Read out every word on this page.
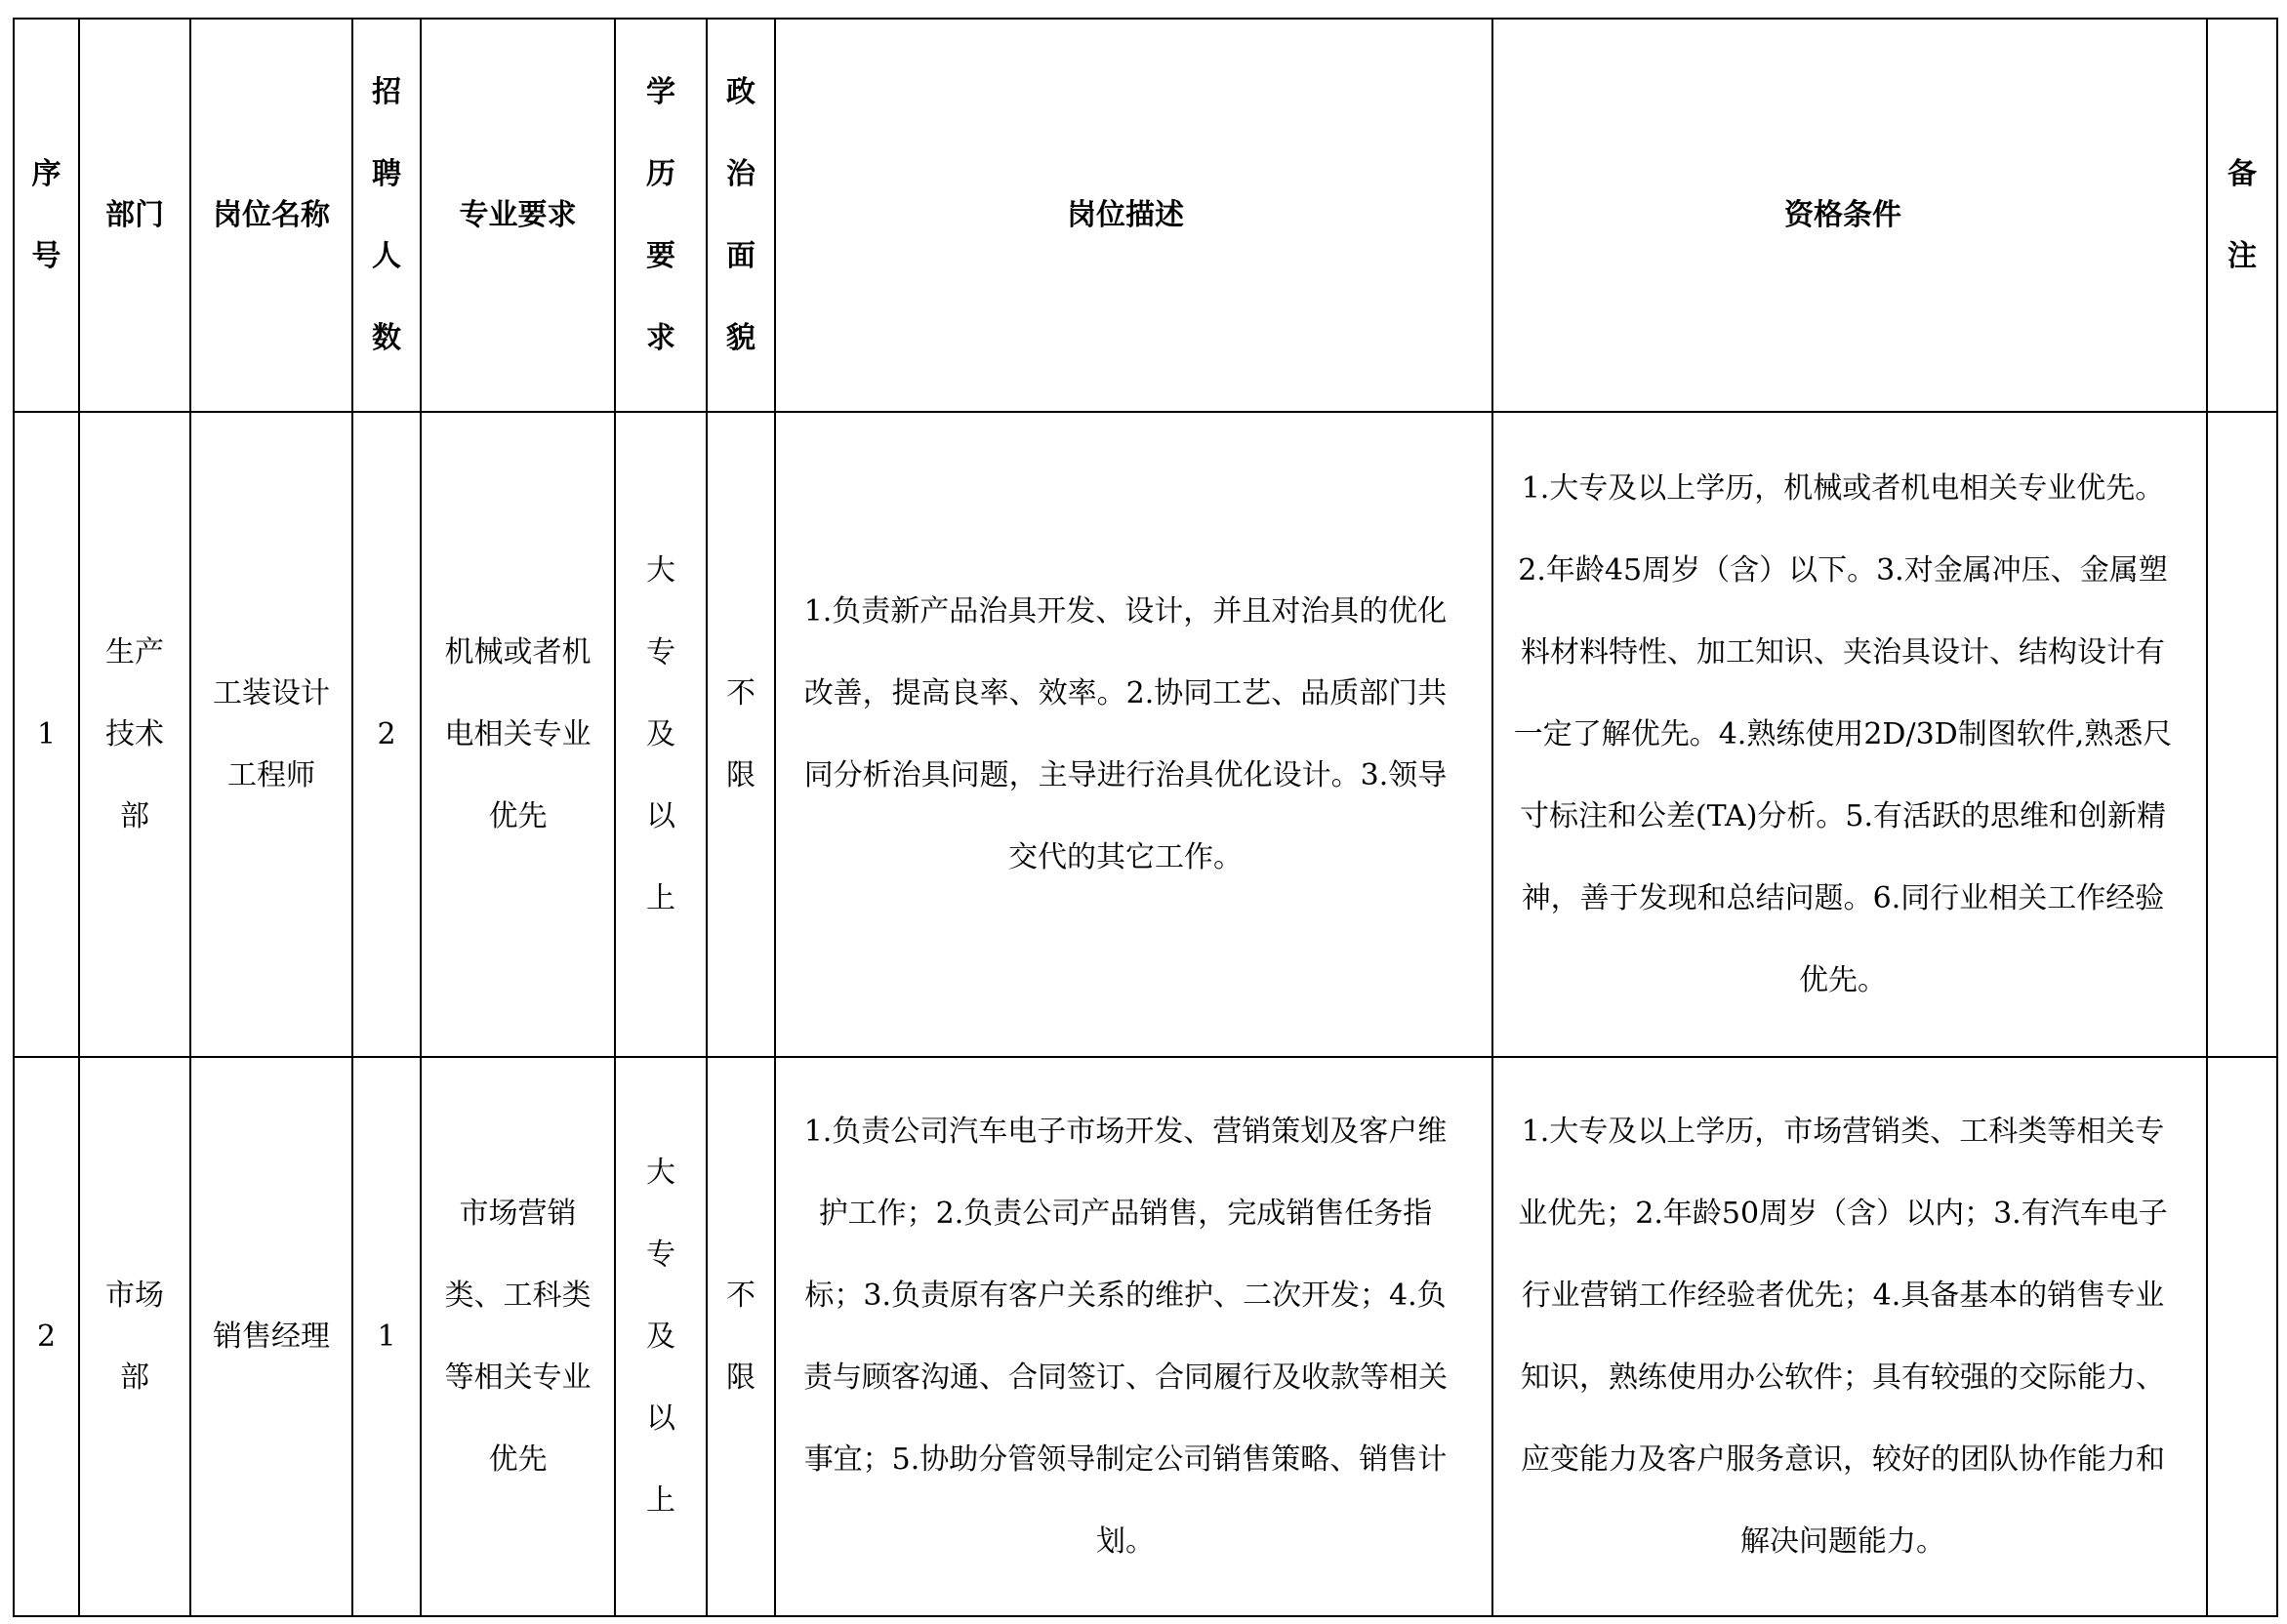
序号	部门	岗位名称	招聘人数	专业要求	学历要求	政治面貌	岗位描述	资格条件	备注
1	生产技术部	工装设计工程师	2	机械或者机电相关专业优先	大专及以上	不限	1.负责新产品治具开发、设计，并且对治具的优化改善，提高良率、效率。2.协同工艺、品质部门共同分析治具问题，主导进行治具优化设计。3.领导交代的其它工作。	1.大专及以上学历，机械或者机电相关专业优先。2.年龄45周岁（含）以下。3.对金属冲压、金属塑料材料特性、加工知识、夹治具设计、结构设计有一定了解优先。4.熟练使用2D/3D制图软件,熟悉尺寸标注和公差(TA)分析。5.有活跃的思维和创新精神，善于发现和总结问题。6.同行业相关工作经验优先。	
2	市场部	销售经理	1	市场营销类、工科类等相关专业优先	大专及以上	不限	1.负责公司汽车电子市场开发、营销策划及客户维护工作；2.负责公司产品销售，完成销售任务指标；3.负责原有客户关系的维护、二次开发；4.负责与顾客沟通、合同签订、合同履行及收款等相关事宜；5.协助分管领导制定公司销售策略、销售计划。	1.大专及以上学历，市场营销类、工科类等相关专业优先；2.年龄50周岁（含）以内；3.有汽车电子行业营销工作经验者优先；4.具备基本的销售专业知识，熟练使用办公软件；具有较强的交际能力、应变能力及客户服务意识，较好的团队协作能力和解决问题能力。	
